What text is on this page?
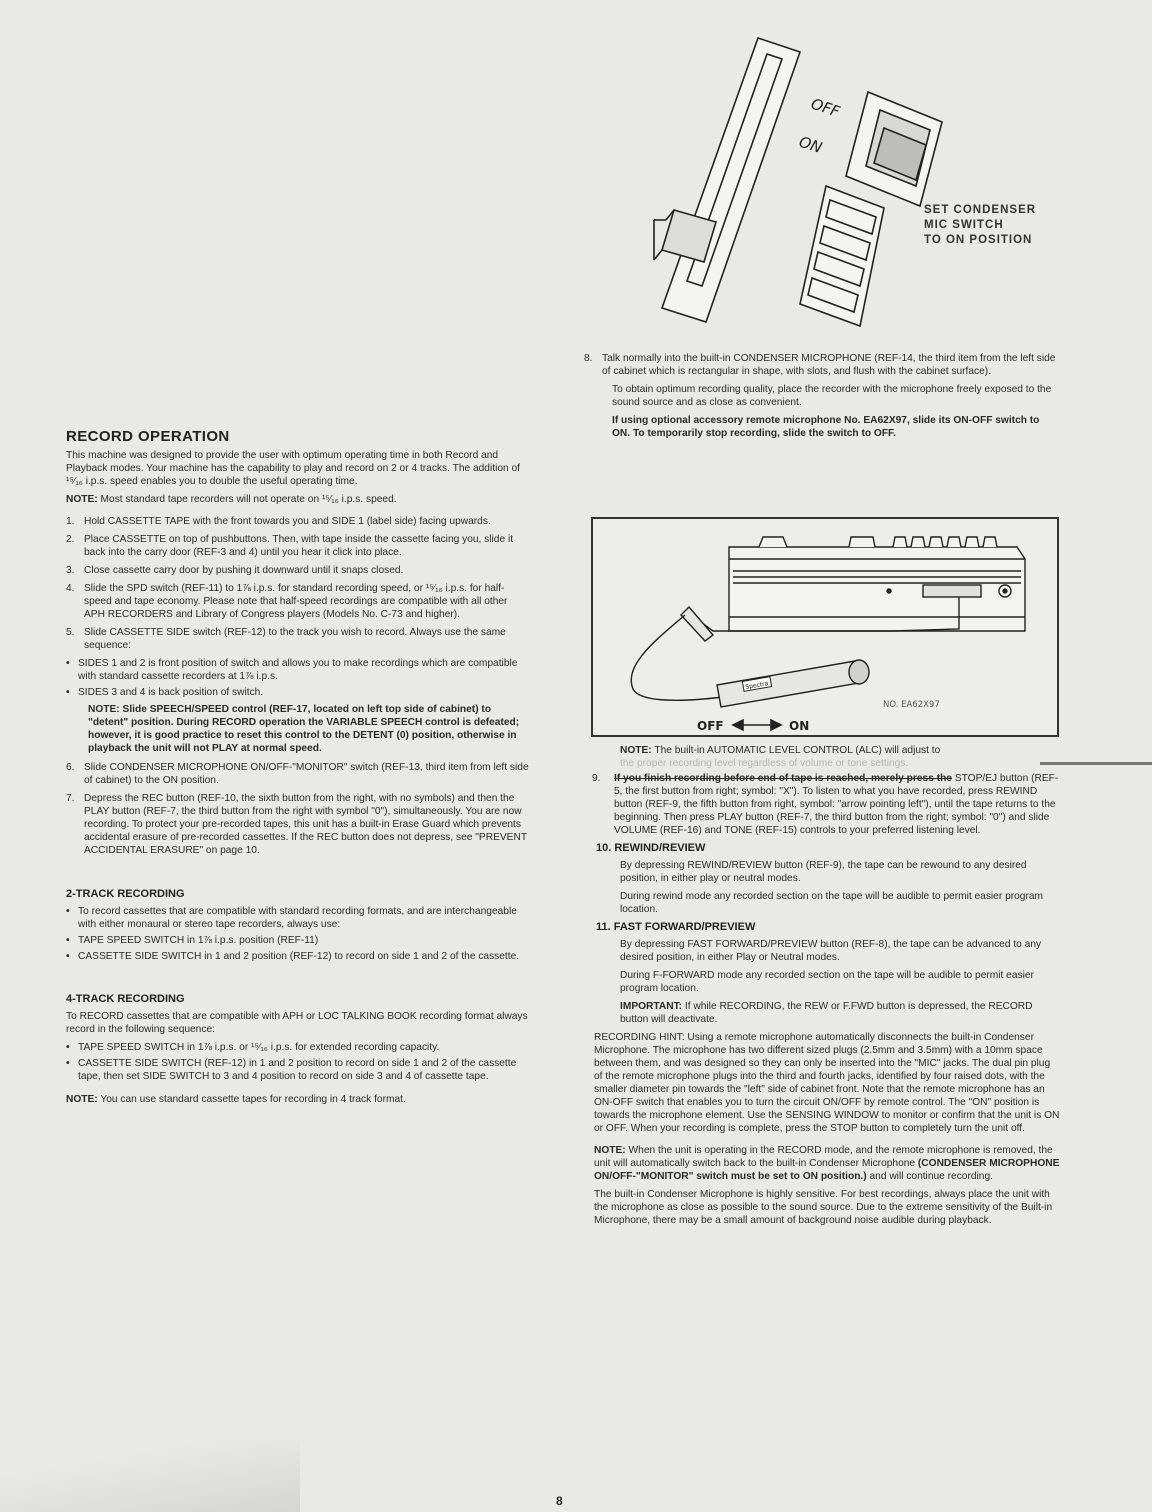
OFF
ON
SET CONDENSER
MIC SWITCH
TO ON POSITION
RECORD OPERATION

This machine was designed to provide the user with optimum operating time in both Record and Playback modes. Your machine has the capability to play and record on 2 or 4 tracks. The addition of ¹⁵⁄₁₆ i.p.s. speed enables you to double the useful operating time.

NOTE: Most standard tape recorders will not operate on ¹⁵⁄₁₆ i.p.s. speed.

1. Hold CASSETTE TAPE with the front towards you and SIDE 1 (label side) facing upwards.
2. Place CASSETTE on top of pushbuttons. Then, with tape inside the cassette facing you, slide it back into the carry door (REF-3 and 4) until you hear it click into place.
3. Close cassette carry door by pushing it downward until it snaps closed.
4. Slide the SPD switch (REF-11) to 1⅞ i.p.s. for standard recording speed, or ¹⁵⁄₁₆ i.p.s. for half-speed and tape economy. Please note that half-speed recordings are compatible with all other APH RECORDERS and Library of Congress players (Models No. C-73 and higher).
5. Slide CASSETTE SIDE switch (REF-12) to the track you wish to record. Always use the same sequence:
• SIDES 1 and 2 is front position of switch and allows you to make recordings which are compatible with standard cassette recorders at 1⅞ i.p.s.
• SIDES 3 and 4 is back position of switch.

NOTE: Slide SPEECH/SPEED control (REF-17, located on left top side of cabinet) to "detent" position. During RECORD operation the VARIABLE SPEECH control is defeated; however, it is good practice to reset this control to the DETENT (0) position, otherwise in playback the unit will not PLAY at normal speed.

6. Slide CONDENSER MICROPHONE ON/OFF-"MONITOR" switch (REF-13, third item from left side of cabinet) to the ON position.
7. Depress the REC button (REF-10, the sixth button from the right, with no symbols) and then the PLAY button (REF-7, the third button from the right with symbol "0"), simultaneously. You are now recording. To protect your pre-recorded tapes, this unit has a built-in Erase Guard which prevents accidental erasure of pre-recorded cassettes. If the REC button does not depress, see "PREVENT ACCIDENTAL ERASURE" on page 10.
2-TRACK RECORDING
• To record cassettes that are compatible with standard recording formats, and are interchangeable with either monaural or stereo tape recorders, always use:
• TAPE SPEED SWITCH in 1⅞ i.p.s. position (REF-11)
• CASSETTE SIDE SWITCH in 1 and 2 position (REF-12) to record on side 1 and 2 of the cassette.
4-TRACK RECORDING

To RECORD cassettes that are compatible with APH or LOC TALKING BOOK recording format always record in the following sequence:

• TAPE SPEED SWITCH in 1⅞ i.p.s. or ¹⁵⁄₁₆ i.p.s. for extended recording capacity.
• CASSETTE SIDE SWITCH (REF-12) in 1 and 2 position to record on side 1 and 2 of the cassette tape, then set SIDE SWITCH to 3 and 4 position to record on side 3 and 4 of cassette tape.

NOTE: You can use standard cassette tapes for recording in 4 track format.

8. Talk normally into the built-in CONDENSER MICROPHONE (REF-14, the third item from the left side of cabinet which is rectangular in shape, with slots, and flush with the cabinet surface).

To obtain optimum recording quality, place the recorder with the microphone freely exposed to the sound source and as close as convenient.

If using optional accessory remote microphone No. EA62X97, slide its ON-OFF switch to ON. To temporarily stop recording, slide the switch to OFF.

Spectra
NO. EA62X97
OFF	ON

NOTE: The built-in AUTOMATIC LEVEL CONTROL (ALC) will adjust to
the proper recording level regardless of volume or tone settings.

9. If you finish recording before end of tape is reached, merely press the STOP/EJ button (REF-5, the first button from right; symbol: "X"). To listen to what you have recorded, press REWIND button (REF-9, the fifth button from right, symbol: "arrow pointing left"), until the tape returns to the beginning. Then press PLAY button (REF-7, the third button from the right; symbol: "0") and slide VOLUME (REF-16) and TONE (REF-15) controls to your preferred listening level.
10. REWIND/REVIEW

By depressing REWIND/REVIEW button (REF-9), the tape can be rewound to any desired position, in either play or neutral modes.

During rewind mode any recorded section on the tape will be audible to permit easier program location.

11. FAST FORWARD/PREVIEW

By depressing FAST FORWARD/PREVIEW button (REF-8), the tape can be advanced to any desired position, in either Play or Neutral modes.

During F-FORWARD mode any recorded section on the tape will be audible to permit easier program location.

IMPORTANT: If while RECORDING, the REW or F.FWD button is depressed, the RECORD button will deactivate.

RECORDING HINT: Using a remote microphone automatically disconnects the built-in Condenser Microphone. The microphone has two different sized plugs (2.5mm and 3.5mm) with a 10mm space between them, and was designed so they can only be inserted into the "MIC" jacks. The dual pin plug of the remote microphone plugs into the third and fourth jacks, identified by four raised dots, with the smaller diameter pin towards the "left" side of cabinet front. Note that the remote microphone has an ON-OFF switch that enables you to turn the circuit ON/OFF by remote control. The "ON" position is towards the microphone element. Use the SENSING WINDOW to monitor or confirm that the unit is ON or OFF. When your recording is complete, press the STOP button to completely turn the unit off.

NOTE: When the unit is operating in the RECORD mode, and the remote microphone is removed, the unit will automatically switch back to the built-in Condenser Microphone (CONDENSER MICROPHONE ON/OFF-"MONITOR" switch must be set to ON position.) and will continue recording.

The built-in Condenser Microphone is highly sensitive. For best recordings, always place the unit with the microphone as close as possible to the sound source. Due to the extreme sensitivity of the Built-in Microphone, there may be a small amount of background noise audible during playback.

8
